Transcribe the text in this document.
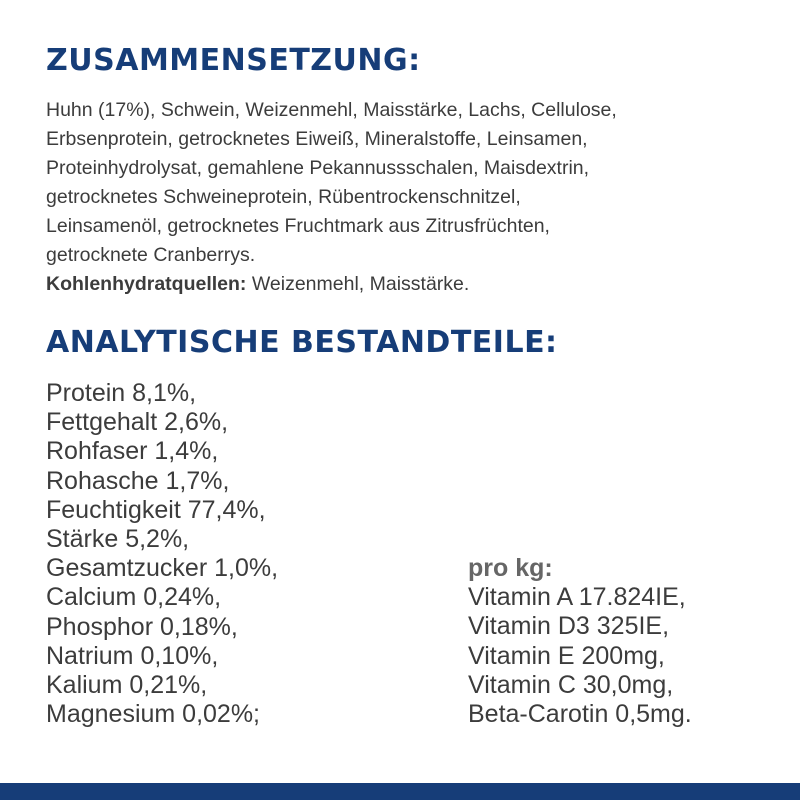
ZUSAMMENSETZUNG:
Huhn (17%), Schwein, Weizenmehl, Maisstärke, Lachs, Cellulose,
Erbsenprotein, getrocknetes Eiweiß, Mineralstoffe, Leinsamen,
Proteinhydrolysat, gemahlene Pekannussschalen, Maisdextrin,
getrocknetes Schweineprotein, Rübentrockenschnitzel,
Leinsamenöl, getrocknetes Fruchtmark aus Zitrusfrüchten,
getrocknete Cranberrys.
Kohlenhydratquellen: Weizenmehl, Maisstärke.
ANALYTISCHE BESTANDTEILE:
Protein 8,1%,
Fettgehalt 2,6%,
Rohfaser 1,4%,
Rohasche 1,7%,
Feuchtigkeit 77,4%,
Stärke 5,2%,
Gesamtzucker 1,0%,
Calcium 0,24%,
Phosphor 0,18%,
Natrium 0,10%,
Kalium 0,21%,
Magnesium 0,02%;
pro kg:
Vitamin A 17.824IE,
Vitamin D3 325IE,
Vitamin E 200mg,
Vitamin C 30,0mg,
Beta-Carotin 0,5mg.
